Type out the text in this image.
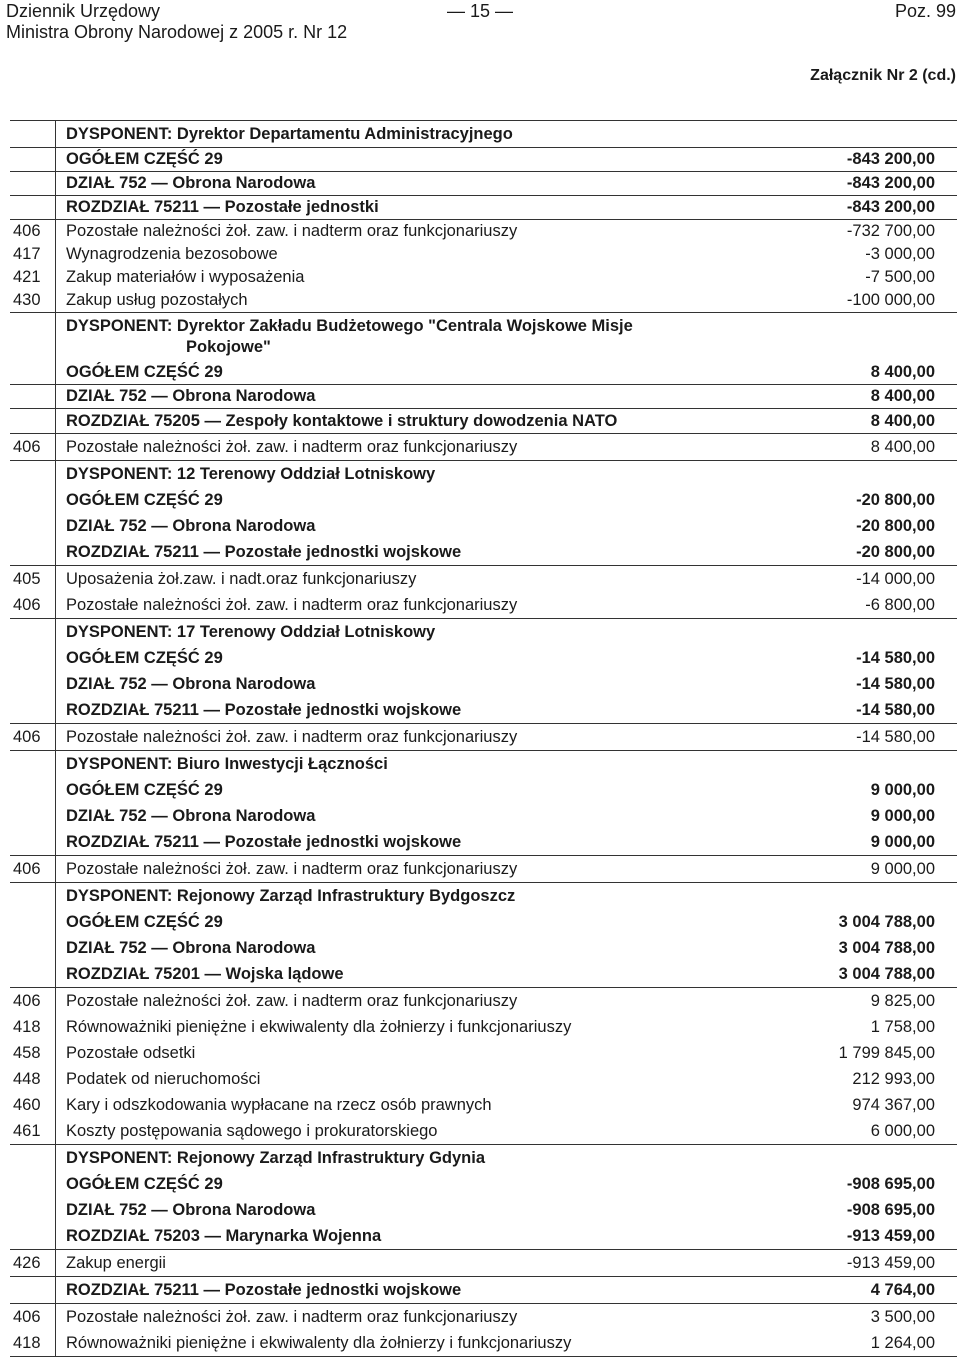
Dziennik Urzędowy
Ministra Obrony Narodowej z 2005 r. Nr 12
— 15 —	Poz. 99
Załącznik Nr 2 (cd.)
DYSPONENT: Dyrektor Departamentu Administracyjnego
OGÓŁEM CZĘŚĆ 29	-843 200,00
DZIAŁ 752 — Obrona Narodowa	-843 200,00
ROZDZIAŁ 75211 — Pozostałe jednostki	-843 200,00
406	Pozostałe należności żoł. zaw. i nadterm oraz funkcjonariuszy	-732 700,00
417	Wynagrodzenia bezosobowe	-3 000,00
421	Zakup materiałów i wyposażenia	-7 500,00
430	Zakup usług pozostałych	-100 000,00
DYSPONENT: Dyrektor Zakładu Budżetowego "Centrala Wojskowe Misje
Pokojowe"
OGÓŁEM CZĘŚĆ 29	8 400,00
DZIAŁ 752 — Obrona Narodowa	8 400,00
ROZDZIAŁ 75205 — Zespoły kontaktowe i struktury dowodzenia NATO	8 400,00
406	Pozostałe należności żoł. zaw. i nadterm oraz funkcjonariuszy	8 400,00
DYSPONENT: 12 Terenowy Oddział Lotniskowy
OGÓŁEM CZĘŚĆ 29	-20 800,00
DZIAŁ 752 — Obrona Narodowa	-20 800,00
ROZDZIAŁ 75211 — Pozostałe jednostki wojskowe	-20 800,00
405	Uposażenia żoł.zaw. i nadt.oraz funkcjonariuszy	-14 000,00
406	Pozostałe należności żoł. zaw. i nadterm oraz funkcjonariuszy	-6 800,00
DYSPONENT: 17 Terenowy Oddział Lotniskowy
OGÓŁEM CZĘŚĆ 29	-14 580,00
DZIAŁ 752 — Obrona Narodowa	-14 580,00
ROZDZIAŁ 75211 — Pozostałe jednostki wojskowe	-14 580,00
406	Pozostałe należności żoł. zaw. i nadterm oraz funkcjonariuszy	-14 580,00
DYSPONENT: Biuro Inwestycji Łączności
OGÓŁEM CZĘŚĆ 29	9 000,00
DZIAŁ 752 — Obrona Narodowa	9 000,00
ROZDZIAŁ 75211 — Pozostałe jednostki wojskowe	9 000,00
406	Pozostałe należności żoł. zaw. i nadterm oraz funkcjonariuszy	9 000,00
DYSPONENT: Rejonowy Zarząd Infrastruktury Bydgoszcz
OGÓŁEM CZĘŚĆ 29	3 004 788,00
DZIAŁ 752 — Obrona Narodowa	3 004 788,00
ROZDZIAŁ 75201 — Wojska lądowe	3 004 788,00
406	Pozostałe należności żoł. zaw. i nadterm oraz funkcjonariuszy	9 825,00
418	Równoważniki pieniężne i ekwiwalenty dla żołnierzy i funkcjonariuszy	1 758,00
458	Pozostałe odsetki	1 799 845,00
448	Podatek od nieruchomości	212 993,00
460	Kary i odszkodowania wypłacane na rzecz osób prawnych	974 367,00
461	Koszty postępowania sądowego i prokuratorskiego	6 000,00
DYSPONENT: Rejonowy Zarząd Infrastruktury Gdynia
OGÓŁEM CZĘŚĆ 29	-908 695,00
DZIAŁ 752 — Obrona Narodowa	-908 695,00
ROZDZIAŁ 75203 — Marynarka Wojenna	-913 459,00
426	Zakup energii	-913 459,00
ROZDZIAŁ 75211 — Pozostałe jednostki wojskowe	4 764,00
406	Pozostałe należności żoł. zaw. i nadterm oraz funkcjonariuszy	3 500,00
418	Równoważniki pieniężne i ekwiwalenty dla żołnierzy i funkcjonariuszy	1 264,00
